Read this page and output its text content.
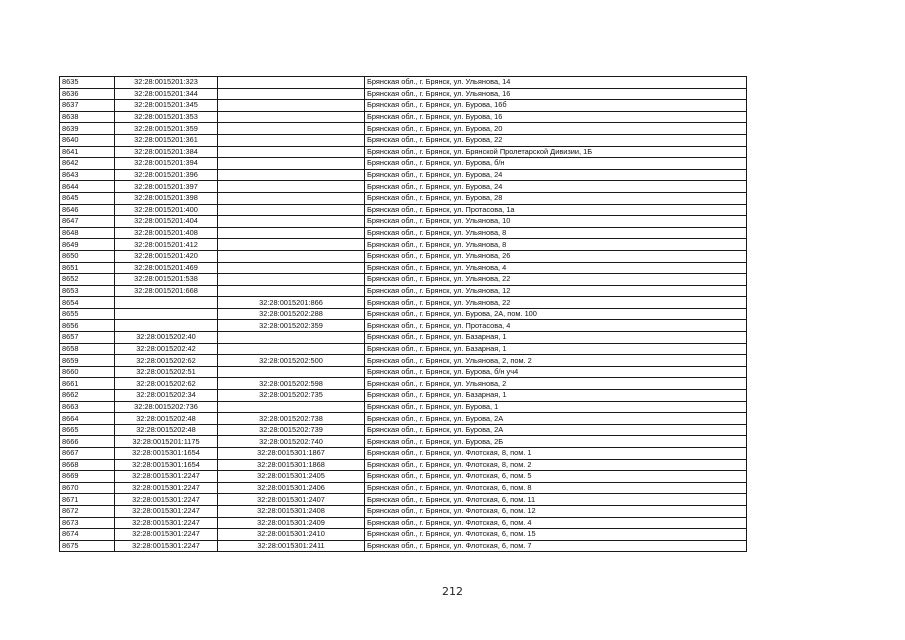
8635	32:28:0015201:323		Брянская обл., г. Брянск, ул. Ульянова, 14
8636	32:28:0015201:344		Брянская обл., г. Брянск, ул. Ульянова, 16
8637	32:28:0015201:345		Брянская обл., г. Брянск, ул. Бурова, 16б
8638	32:28:0015201:353		Брянская обл., г. Брянск, ул. Бурова, 16
8639	32:28:0015201:359		Брянская обл., г. Брянск, ул. Бурова, 20
8640	32:28:0015201:361		Брянская обл., г. Брянск, ул. Бурова, 22
8641	32:28:0015201:384		Брянская обл., г. Брянск, ул. Брянской Пролетарской Дивизии, 1Б
8642	32:28:0015201:394		Брянская обл., г. Брянск, ул. Бурова, б/н
8643	32:28:0015201:396		Брянская обл., г. Брянск, ул. Бурова, 24
8644	32:28:0015201:397		Брянская обл., г. Брянск, ул. Бурова, 24
8645	32:28:0015201:398		Брянская обл., г. Брянск, ул. Бурова, 28
8646	32:28:0015201:400		Брянская обл., г. Брянск, ул. Протасова, 1а
8647	32:28:0015201:404		Брянская обл., г. Брянск, ул. Ульянова, 10
8648	32:28:0015201:408		Брянская обл., г. Брянск, ул. Ульянова, 8
8649	32:28:0015201:412		Брянская обл., г. Брянск, ул. Ульянова, 8
8650	32:28:0015201:420		Брянская обл., г. Брянск, ул. Ульянова, 26
8651	32:28:0015201:469		Брянская обл., г. Брянск, ул. Ульянова, 4
8652	32:28:0015201:538		Брянская обл., г. Брянск, ул. Ульянова, 22
8653	32:28:0015201:668		Брянская обл., г. Брянск, ул. Ульянова, 12
8654		32:28:0015201:866	Брянская обл., г. Брянск, ул. Ульянова, 22
8655		32:28:0015202:288	Брянская обл., г. Брянск, ул. Бурова, 2А, пом. 100
8656		32:28:0015202:359	Брянская обл., г. Брянск, ул. Протасова, 4
8657	32:28:0015202:40		Брянская обл., г. Брянск, ул. Базарная, 1
8658	32:28:0015202:42		Брянская обл., г. Брянск, ул. Базарная, 1
8659	32:28:0015202:62	32:28:0015202:500	Брянская обл., г. Брянск, ул. Ульянова, 2, пом. 2
8660	32:28:0015202:51		Брянская обл., г. Брянск, ул. Бурова, б/н уч4
8661	32:28:0015202:62	32:28:0015202:598	Брянская обл., г. Брянск, ул. Ульянова, 2
8662	32:28:0015202:34	32:28:0015202:735	Брянская обл., г. Брянск, ул. Базарная, 1
8663	32:28:0015202:736		Брянская обл., г. Брянск, ул. Бурова, 1
8664	32:28:0015202:48	32:28:0015202:738	Брянская обл., г. Брянск, ул. Бурова, 2А
8665	32:28:0015202:48	32:28:0015202:739	Брянская обл., г. Брянск, ул. Бурова, 2А
8666	32:28:0015201:1175	32:28:0015202:740	Брянская обл., г. Брянск, ул. Бурова, 2Б
8667	32:28:0015301:1654	32:28:0015301:1867	Брянская обл., г. Брянск, ул. Флотская, 8, пом. 1
8668	32:28:0015301:1654	32:28:0015301:1868	Брянская обл., г. Брянск, ул. Флотская, 8, пом. 2
8669	32:28:0015301:2247	32:28:0015301:2405	Брянская обл., г. Брянск, ул. Флотская, 6, пом. 5
8670	32:28:0015301:2247	32:28:0015301:2406	Брянская обл., г. Брянск, ул. Флотская, 6, пом. 8
8671	32:28:0015301:2247	32:28:0015301:2407	Брянская обл., г. Брянск, ул. Флотская, 6, пом. 11
8672	32:28:0015301:2247	32:28:0015301:2408	Брянская обл., г. Брянск, ул. Флотская, 6, пом. 12
8673	32:28:0015301:2247	32:28:0015301:2409	Брянская обл., г. Брянск, ул. Флотская, 6, пом. 4
8674	32:28:0015301:2247	32:28:0015301:2410	Брянская обл., г. Брянск, ул. Флотская, 6, пом. 15
8675	32:28:0015301:2247	32:28:0015301:2411	Брянская обл., г. Брянск, ул. Флотская, 6, пом. 7
212
